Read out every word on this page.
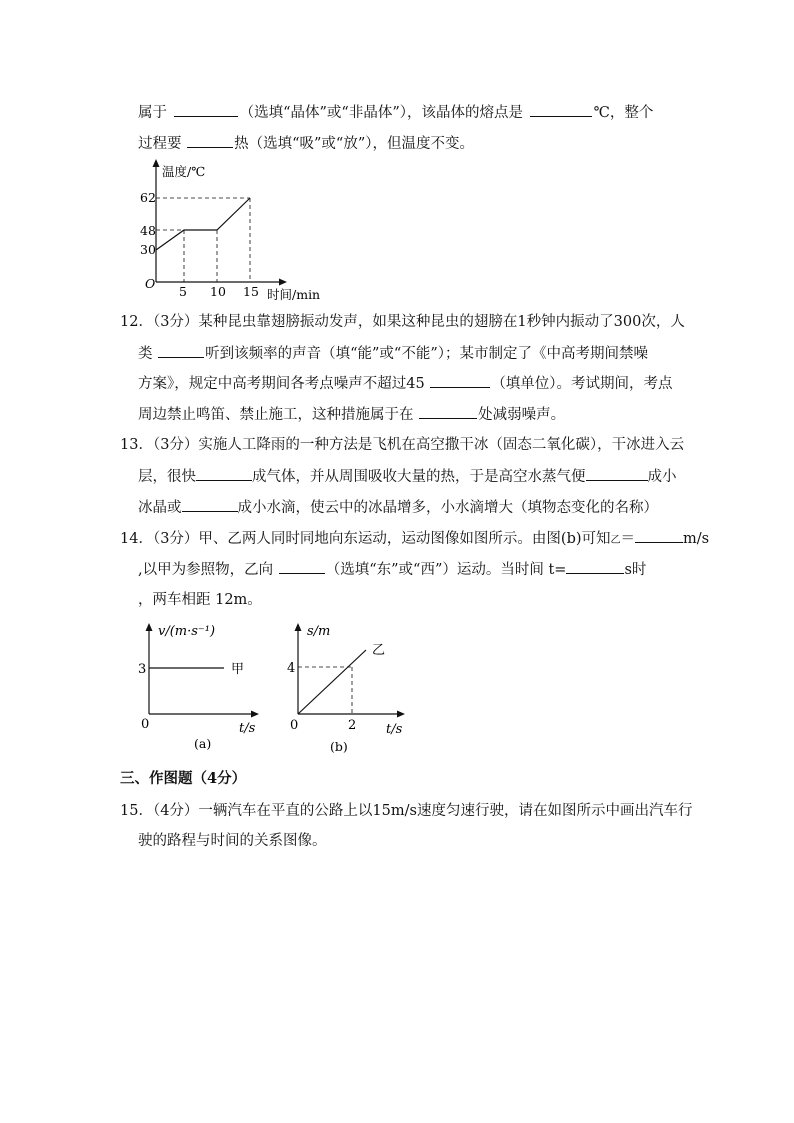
属于	（选填“晶体”或“非晶体”），该晶体的熔点是	℃，整个
过程要	热（选填“吸”或“放”），但温度不变。
温度/℃
62
48
30
O
5 10 15 时间/min
12．（3分）某种昆虫靠翅膀振动发声，如果这种昆虫的翅膀在1秒钟内振动了300次，人
类	听到该频率的声音（填“能”或“不能”）；某市制定了《中高考期间禁噪
方案》，规定中高考期间各考点噪声不超过45	（填单位）。考试期间，考点
周边禁止鸣笛、禁止施工，这种措施属于在	处减弱噪声。
13．（3分）实施人工降雨的一种方法是飞机在高空撒干冰（固态二氧化碳），干冰进入云
层，很快	成气体，并从周围吸收大量的热，于是高空水蒸气便	成小
冰晶或	成小水滴，使云中的冰晶增多，小水滴增大（填物态变化的名称）
14．（3分）甲、乙两人同时同地向东运动，运动图像如图所示。由图(b)可知乙＝	m/s
,以甲为参照物，乙向	（选填“东”或“西”）运动。当时间 t=	s时
，两车相距 12m。
v/(m·s⁻¹)
3	甲
0	t/s
(a)
s/m
4
乙
0	2 t/s
(b)
三、作图题（4分）
15．（4分）一辆汽车在平直的公路上以15m/s速度匀速行驶，请在如图所示中画出汽车行
驶的路程与时间的关系图像。
